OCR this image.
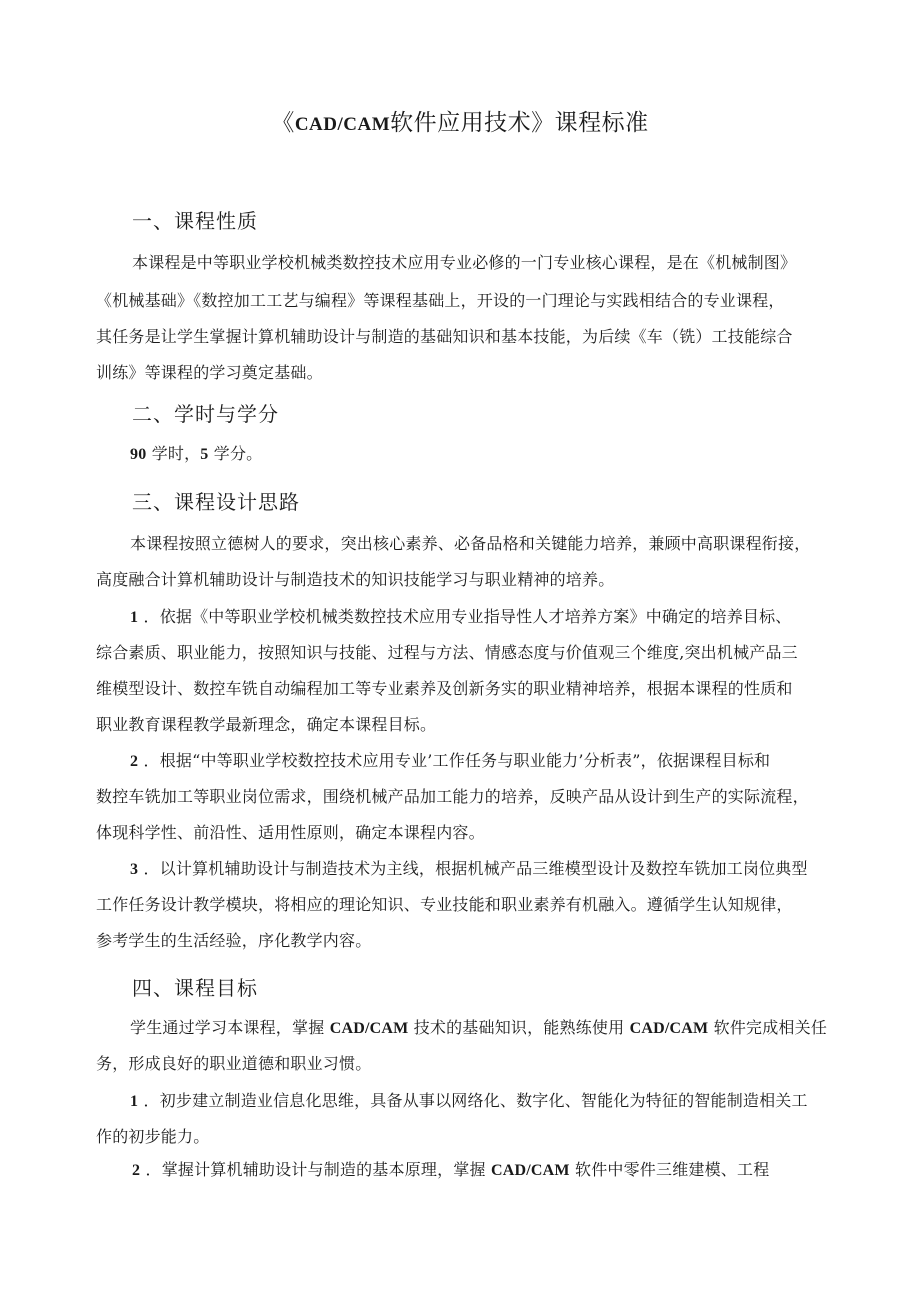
《CAD/CAM软件应用技术》课程标准
一、课程性质
本课程是中等职业学校机械类数控技术应用专业必修的一门专业核心课程，是在《机械制图》
《机械基础》《数控加工工艺与编程》等课程基础上，开设的一门理论与实践相结合的专业课程，
其任务是让学生掌握计算机辅助设计与制造的基础知识和基本技能，为后续《车（铣）工技能综合
训练》等课程的学习奠定基础。
二、学时与学分
90 学时，5 学分。
三、课程设计思路
本课程按照立德树人的要求，突出核心素养、必备品格和关键能力培养，兼顾中高职课程衔接，
高度融合计算机辅助设计与制造技术的知识技能学习与职业精神的培养。
1 ．依据《中等职业学校机械类数控技术应用专业指导性人才培养方案》中确定的培养目标、
综合素质、职业能力，按照知识与技能、过程与方法、情感态度与价值观三个维度,突出机械产品三
维模型设计、数控车铣自动编程加工等专业素养及创新务实的职业精神培养，根据本课程的性质和
职业教育课程教学最新理念，确定本课程目标。
2 ．根据“中等职业学校数控技术应用专业’工作任务与职业能力’分析表”，依据课程目标和
数控车铣加工等职业岗位需求，围绕机械产品加工能力的培养，反映产品从设计到生产的实际流程，
体现科学性、前沿性、适用性原则，确定本课程内容。
3 ．以计算机辅助设计与制造技术为主线，根据机械产品三维模型设计及数控车铣加工岗位典型
工作任务设计教学模块，将相应的理论知识、专业技能和职业素养有机融入。遵循学生认知规律，
参考学生的生活经验，序化教学内容。
四、课程目标
学生通过学习本课程，掌握 CAD/CAM 技术的基础知识，能熟练使用 CAD/CAM 软件完成相关任
务，形成良好的职业道德和职业习惯。
1 ．初步建立制造业信息化思维，具备从事以网络化、数字化、智能化为特征的智能制造相关工
作的初步能力。
2 ．掌握计算机辅助设计与制造的基本原理，掌握 CAD/CAM 软件中零件三维建模、工程
